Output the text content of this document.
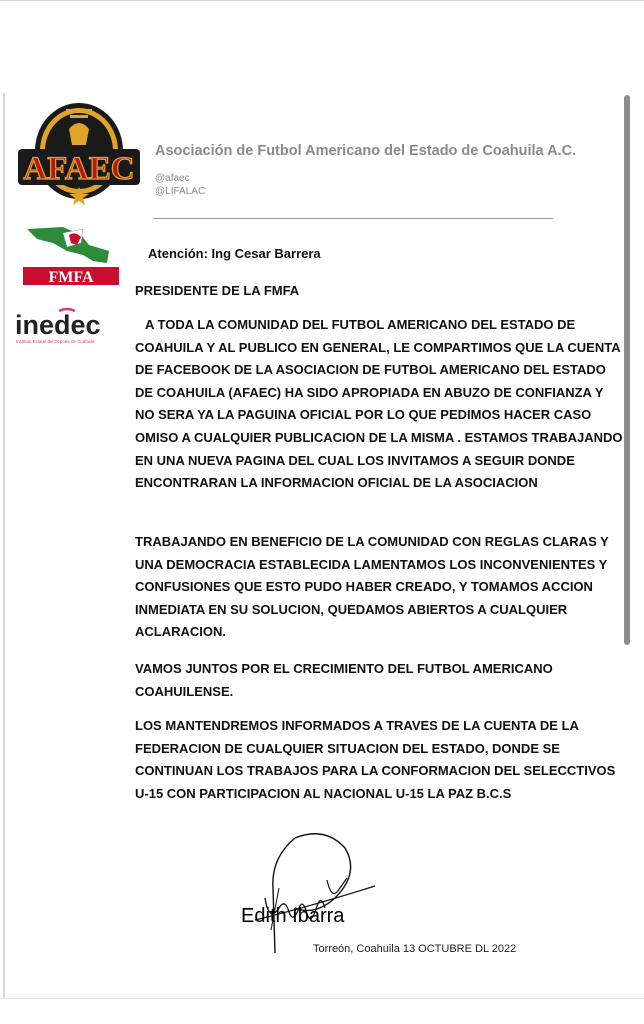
AFAEC
FMFA
inedec
Instituto Estatal del Deporte de Coahuila
Asociación de Futbol Americano del Estado de Coahuila A.C.
@afaec
@LIFALAC
Atención: Ing Cesar Barrera
PRESIDENTE DE LA FMFA

A TODA LA COMUNIDAD DEL FUTBOL AMERICANO DEL ESTADO DE COAHUILA Y AL PUBLICO EN GENERAL, LE COMPARTIMOS QUE LA CUENTA DE FACEBOOK DE LA ASOCIACION DE FUTBOL AMERICANO DEL ESTADO DE COAHUILA (AFAEC) HA SIDO APROPIADA EN ABUZO DE CONFIANZA Y NO SERA YA LA PAGUINA OFICIAL POR LO QUE PEDIMOS HACER CASO OMISO A CUALQUIER PUBLICACION DE LA MISMA . ESTAMOS TRABAJANDO EN UNA NUEVA PAGINA DEL CUAL LOS INVITAMOS A SEGUIR DONDE ENCONTRARAN LA INFORMACION OFICIAL DE LA ASOCIACION

TRABAJANDO EN BENEFICIO DE LA COMUNIDAD CON REGLAS CLARAS Y UNA DEMOCRACIA ESTABLECIDA LAMENTAMOS LOS INCONVENIENTES Y CONFUSIONES QUE ESTO PUDO HABER CREADO, Y TOMAMOS ACCION INMEDIATA EN SU SOLUCION, QUEDAMOS ABIERTOS A CUALQUIER ACLARACION.

VAMOS JUNTOS POR EL CRECIMIENTO DEL FUTBOL AMERICANO COAHUILENSE.

LOS MANTENDREMOS INFORMADOS A TRAVES DE LA CUENTA DE LA FEDERACION DE CUALQUIER SITUACION DEL ESTADO, DONDE SE CONTINUAN LOS TRABAJOS PARA LA CONFORMACION DEL SELECCTIVOS U-15 CON PARTICIPACION AL NACIONAL U-15 LA PAZ B.C.S

Edith Ibarra
Torreón, Coahuila 13 OCTUBRE DL 2022
